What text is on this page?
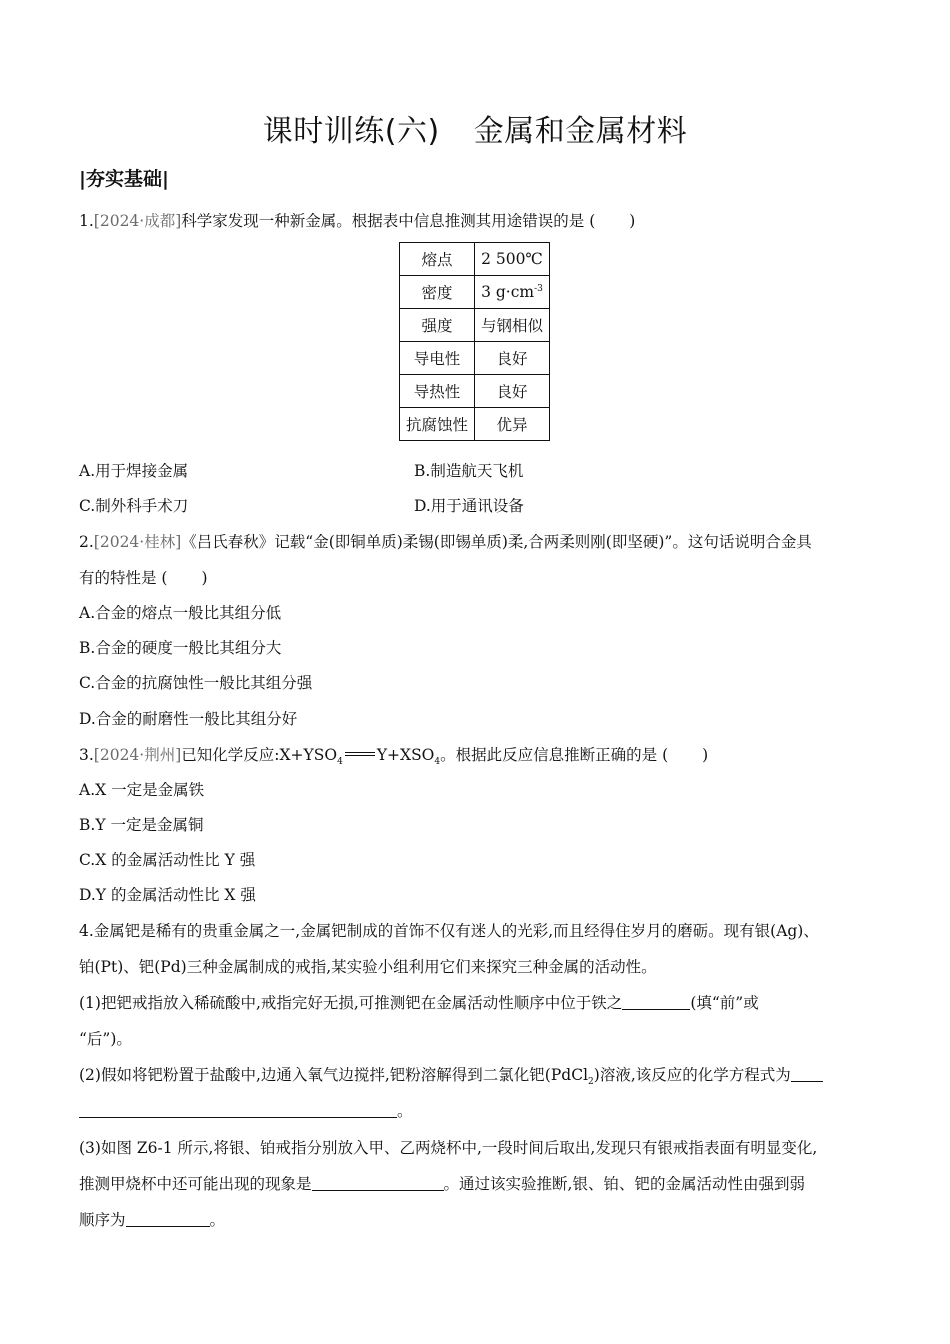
课时训练(六) 金属和金属材料
|夯实基础|
1.[2024·成都]科学家发现一种新金属。根据表中信息推测其用途错误的是 ( )
熔点	2 500℃
密度	3 $g\cdot cm^{-3}$
强度	与钢相似
导电性	良好
导热性	良好
抗腐蚀性	优异
A.用于焊接金属	B.制造航天飞机
C.制外科手术刀	D.用于通讯设备
2.[2024·桂林]《吕氏春秋》记载“金(即铜单质)柔锡(即锡单质)柔,合两柔则刚(即坚硬)”。这句话说明合金具
有的特性是 ( )
A.合金的熔点一般比其组分低
B.合金的硬度一般比其组分大
C.合金的抗腐蚀性一般比其组分强
D.合金的耐磨性一般比其组分好
3.[2024·荆州]已知化学反应$:X+YSO_4$ $Y+XSO_4$。根据此反应信息推断正确的是 ( )
A.X 一定是金属铁
B.Y 一定是金属铜
C.X 的金属活动性比 Y 强
D.Y 的金属活动性比 X 强
4.金属钯是稀有的贵重金属之一,金属钯制成的首饰不仅有迷人的光彩,而且经得住岁月的磨砺。现有银(Ag)、
铂(Pt)、钯(Pd)三种金属制成的戒指,某实验小组利用它们来探究三种金属的活动性。
(1)把钯戒指放入稀硫酸中,戒指完好无损,可推测钯在金属活动性顺序中位于铁之	(填“前”或
“后”)。
(2)假如将钯粉置于盐酸中,边通入氧气边搅拌,钯粉溶解得到二氯化钯(PdCl$_2$)溶液,该反应的化学方程式为
。
(3)如图 Z6-1 所示,将银、铂戒指分别放入甲、乙两烧杯中,一段时间后取出,发现只有银戒指表面有明显变化,
推测甲烧杯中还可能出现的现象是	。通过该实验推断,银、铂、钯的金属活动性由强到弱
顺序为	。
